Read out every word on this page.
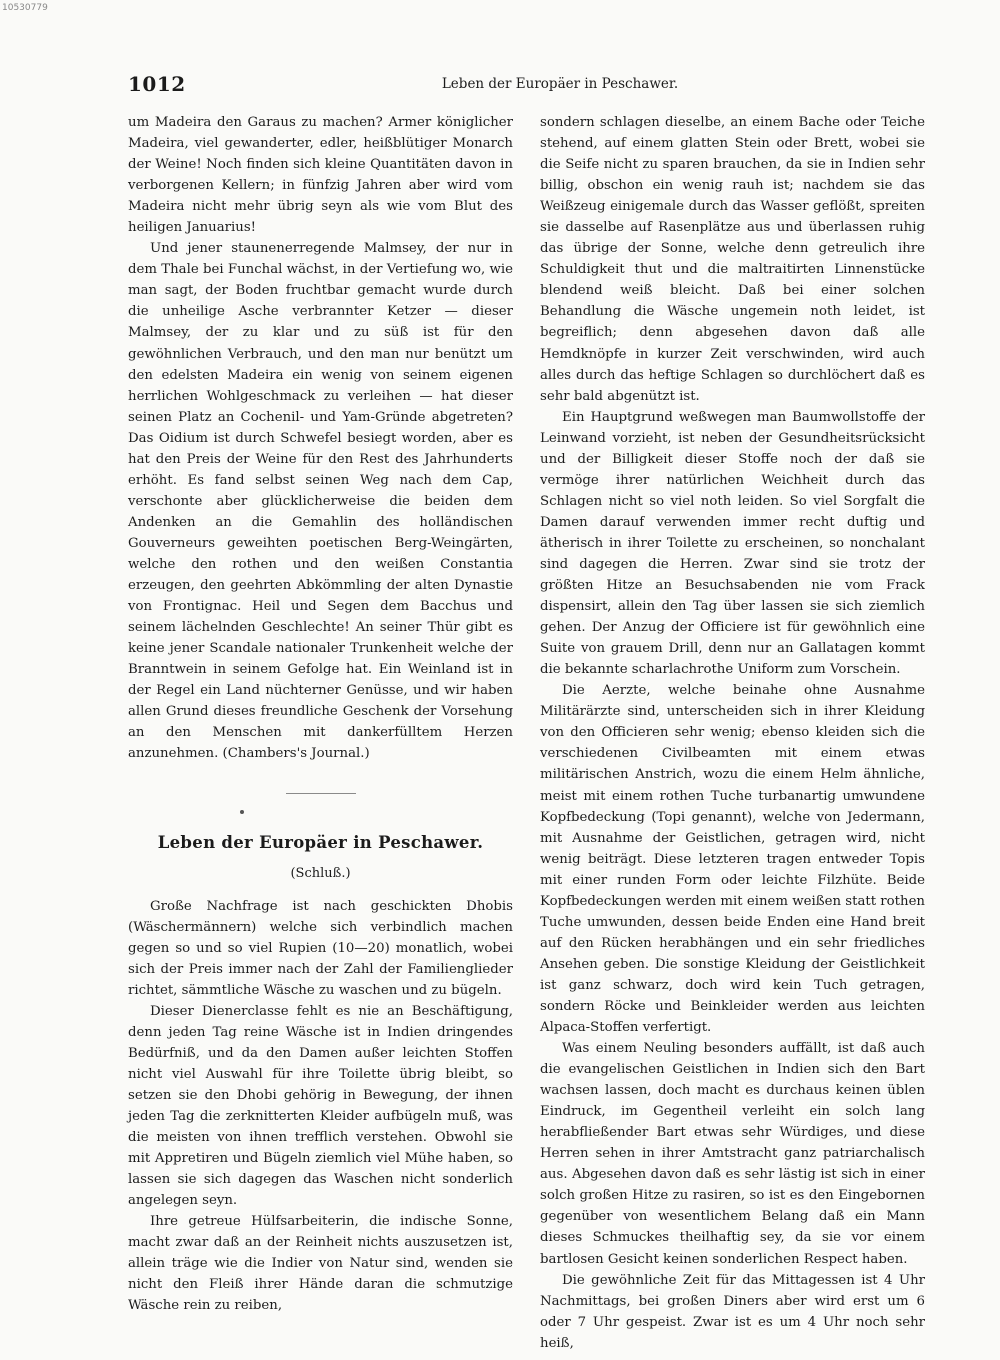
10530779
1012	Leben der Europäer in Peschawer.

um Madeira den Garaus zu machen? Armer königlicher Madeira, viel gewanderter, edler, heißblütiger Monarch der Weine! Noch finden sich kleine Quantitäten davon in verborgenen Kellern; in fünfzig Jahren aber wird vom Madeira nicht mehr übrig seyn als wie vom Blut des heiligen Januarius!

Und jener staunenerregende Malmsey, der nur in dem Thale bei Funchal wächst, in der Vertiefung wo, wie man sagt, der Boden fruchtbar gemacht wurde durch die unheilige Asche verbrannter Ketzer — dieser Malmsey, der zu klar und zu süß ist für den gewöhnlichen Verbrauch, und den man nur benützt um den edelsten Madeira ein wenig von seinem eigenen herrlichen Wohlgeschmack zu verleihen — hat dieser seinen Platz an Cochenil- und Yam-Gründe abgetreten? Das Oidium ist durch Schwefel besiegt worden, aber es hat den Preis der Weine für den Rest des Jahrhunderts erhöht. Es fand selbst seinen Weg nach dem Cap, verschonte aber glücklicherweise die beiden dem Andenken an die Gemahlin des holländischen Gouverneurs geweihten poetischen Berg-Weingärten, welche den rothen und den weißen Constantia erzeugen, den geehrten Abkömmling der alten Dynastie von Frontignac. Heil und Segen dem Bacchus und seinem lächelnden Geschlechte! An seiner Thür gibt es keine jener Scandale nationaler Trunkenheit welche der Branntwein in seinem Gefolge hat. Ein Weinland ist in der Regel ein Land nüchterner Genüsse, und wir haben allen Grund dieses freundliche Geschenk der Vorsehung an den Menschen mit dankerfülltem Herzen anzunehmen. (Chambers's Journal.)

Leben der Europäer in Peschawer.
(Schluß.)

Große Nachfrage ist nach geschickten Dhobis (Wäschermännern) welche sich verbindlich machen gegen so und so viel Rupien (10—20) monatlich, wobei sich der Preis immer nach der Zahl der Familienglieder richtet, sämmtliche Wäsche zu waschen und zu bügeln.

Dieser Dienerclasse fehlt es nie an Beschäftigung, denn jeden Tag reine Wäsche ist in Indien dringendes Bedürfniß, und da den Damen außer leichten Stoffen nicht viel Auswahl für ihre Toilette übrig bleibt, so setzen sie den Dhobi gehörig in Bewegung, der ihnen jeden Tag die zerknitterten Kleider aufbügeln muß, was die meisten von ihnen trefflich verstehen. Obwohl sie mit Appretiren und Bügeln ziemlich viel Mühe haben, so lassen sie sich dagegen das Waschen nicht sonderlich angelegen seyn.

Ihre getreue Hülfsarbeiterin, die indische Sonne, macht zwar daß an der Reinheit nichts auszusetzen ist, allein träge wie die Indier von Natur sind, wenden sie nicht den Fleiß ihrer Hände daran die schmutzige Wäsche rein zu reiben,

sondern schlagen dieselbe, an einem Bache oder Teiche stehend, auf einem glatten Stein oder Brett, wobei sie die Seife nicht zu sparen brauchen, da sie in Indien sehr billig, obschon ein wenig rauh ist; nachdem sie das Weißzeug einigemale durch das Wasser geflößt, spreiten sie dasselbe auf Rasenplätze aus und überlassen ruhig das übrige der Sonne, welche denn getreulich ihre Schuldigkeit thut und die maltraitirten Linnenstücke blendend weiß bleicht. Daß bei einer solchen Behandlung die Wäsche ungemein noth leidet, ist begreiflich; denn abgesehen davon daß alle Hemdknöpfe in kurzer Zeit verschwinden, wird auch alles durch das heftige Schlagen so durchlöchert daß es sehr bald abgenützt ist.

Ein Hauptgrund weßwegen man Baumwollstoffe der Leinwand vorzieht, ist neben der Gesundheitsrücksicht und der Billigkeit dieser Stoffe noch der daß sie vermöge ihrer natürlichen Weichheit durch das Schlagen nicht so viel noth leiden. So viel Sorgfalt die Damen darauf verwenden immer recht duftig und ätherisch in ihrer Toilette zu erscheinen, so nonchalant sind dagegen die Herren. Zwar sind sie trotz der größten Hitze an Besuchsabenden nie vom Frack dispensirt, allein den Tag über lassen sie sich ziemlich gehen. Der Anzug der Officiere ist für gewöhnlich eine Suite von grauem Drill, denn nur an Gallatagen kommt die bekannte scharlachrothe Uniform zum Vorschein.

Die Aerzte, welche beinahe ohne Ausnahme Militärärzte sind, unterscheiden sich in ihrer Kleidung von den Officieren sehr wenig; ebenso kleiden sich die verschiedenen Civilbeamten mit einem etwas militärischen Anstrich, wozu die einem Helm ähnliche, meist mit einem rothen Tuche turbanartig umwundene Kopfbedeckung (Topi genannt), welche von Jedermann, mit Ausnahme der Geistlichen, getragen wird, nicht wenig beiträgt. Diese letzteren tragen entweder Topis mit einer runden Form oder leichte Filzhüte. Beide Kopfbedeckungen werden mit einem weißen statt rothen Tuche umwunden, dessen beide Enden eine Hand breit auf den Rücken herabhängen und ein sehr friedliches Ansehen geben. Die sonstige Kleidung der Geistlichkeit ist ganz schwarz, doch wird kein Tuch getragen, sondern Röcke und Beinkleider werden aus leichten Alpaca-Stoffen verfertigt.

Was einem Neuling besonders auffällt, ist daß auch die evangelischen Geistlichen in Indien sich den Bart wachsen lassen, doch macht es durchaus keinen üblen Eindruck, im Gegentheil verleiht ein solch lang herabfließender Bart etwas sehr Würdiges, und diese Herren sehen in ihrer Amtstracht ganz patriarchalisch aus. Abgesehen davon daß es sehr lästig ist sich in einer solch großen Hitze zu rasiren, so ist es den Eingebornen gegenüber von wesentlichem Belang daß ein Mann dieses Schmuckes theilhaftig sey, da sie vor einem bartlosen Gesicht keinen sonderlichen Respect haben.

Die gewöhnliche Zeit für das Mittagessen ist 4 Uhr Nachmittags, bei großen Diners aber wird erst um 6 oder 7 Uhr gespeist. Zwar ist es um 4 Uhr noch sehr heiß,
